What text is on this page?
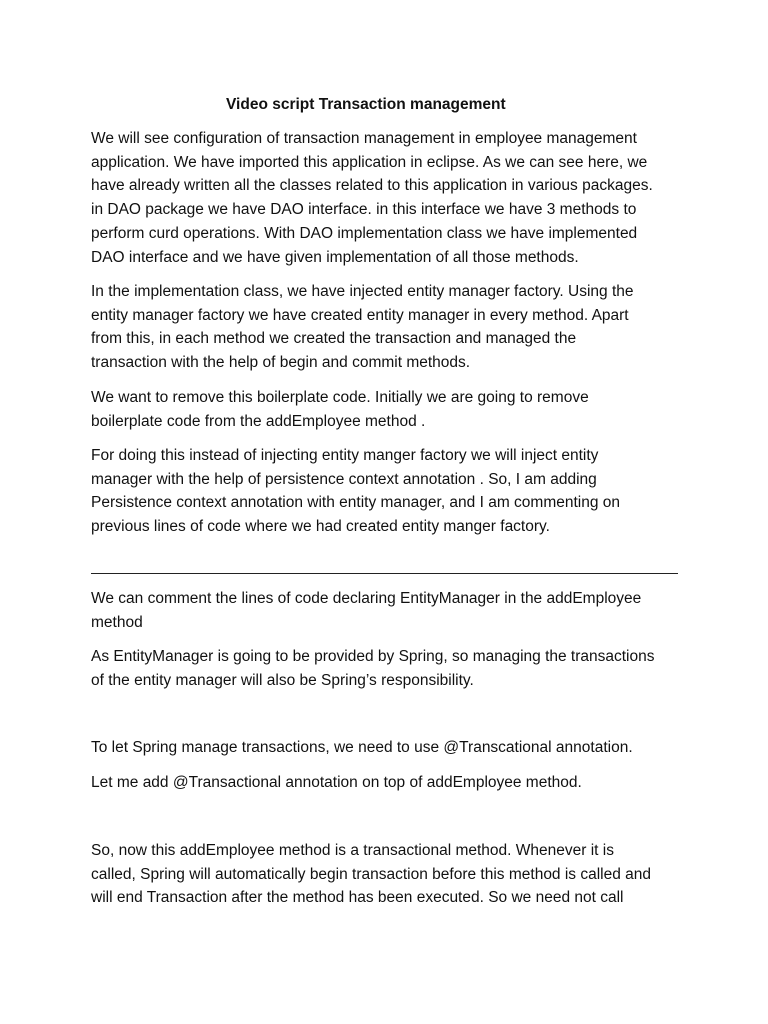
Video script Transaction management

We will see configuration of transaction management in employee management
application. We have imported this application in eclipse. As we can see here, we
have already written all the classes related to this application in various packages.
in DAO package we have DAO interface. in this interface we have 3 methods to
perform curd operations. With DAO implementation class we have implemented
DAO interface and we have given implementation of all those methods.

In the implementation class, we have injected entity manager factory. Using the
entity manager factory we have created entity manager in every method. Apart
from this, in each method we created the transaction and managed the
transaction with the help of begin and commit methods.

We want to remove this boilerplate code. Initially we are going to remove
boilerplate code from the addEmployee method .

For doing this instead of injecting entity manger factory we will inject entity
manager with the help of persistence context annotation . So, I am adding
Persistence context annotation with entity manager, and I am commenting on
previous lines of code where we had created entity manger factory.

We can comment the lines of code declaring EntityManager in the addEmployee
method

As EntityManager is going to be provided by Spring, so managing the transactions
of the entity manager will also be Spring’s responsibility.

To let Spring manage transactions, we need to use @Transcational annotation.

Let me add @Transactional annotation on top of addEmployee method.

So, now this addEmployee method is a transactional method. Whenever it is
called, Spring will automatically begin transaction before this method is called and
will end Transaction after the method has been executed. So we need not call
